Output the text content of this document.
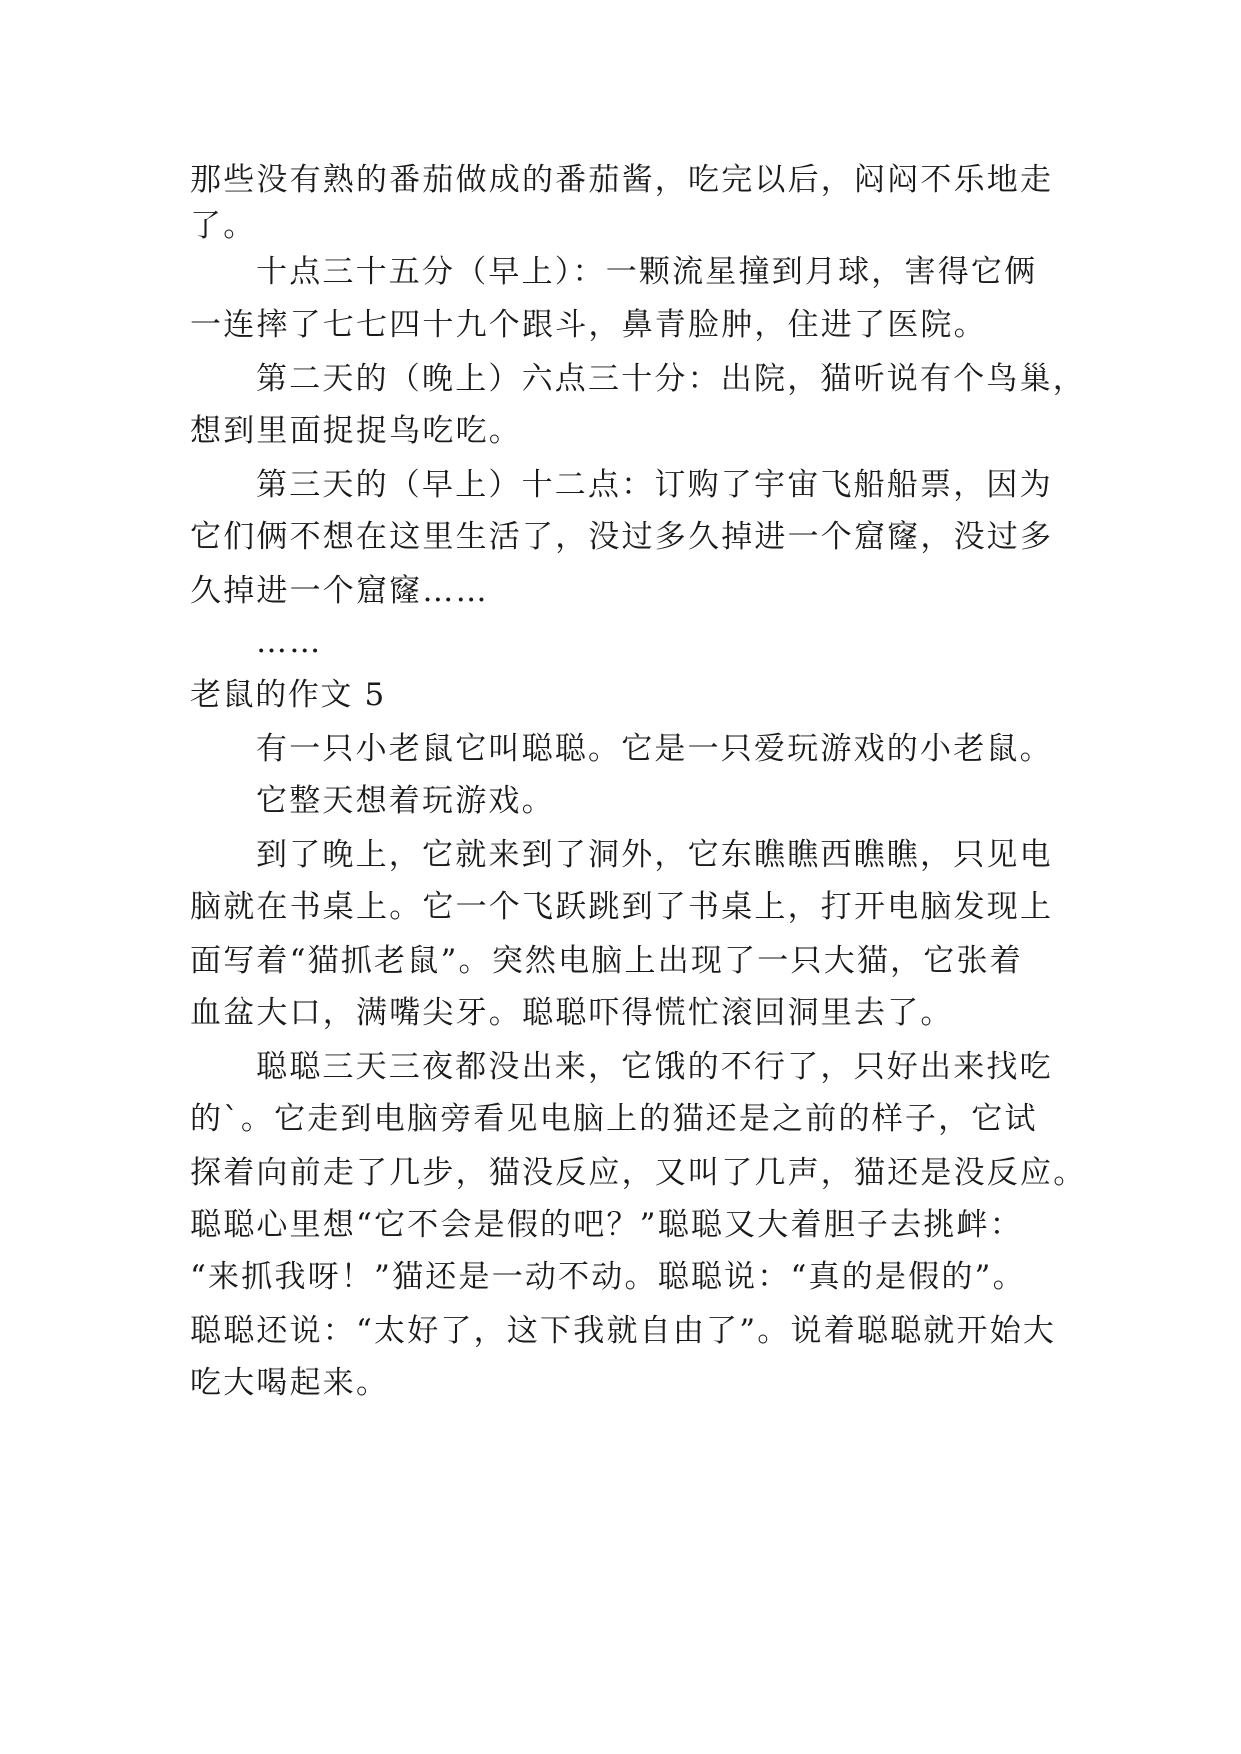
那些没有熟的番茄做成的番茄酱，吃完以后，闷闷不乐地走
了。
十点三十五分（早上）：一颗流星撞到月球，害得它俩
一连摔了七七四十九个跟斗，鼻青脸肿，住进了医院。
第二天的（晚上）六点三十分：出院，猫听说有个鸟巢，
想到里面捉捉鸟吃吃。
第三天的（早上）十二点：订购了宇宙飞船船票，因为
它们俩不想在这里生活了，没过多久掉进一个窟窿，没过多
久掉进一个窟窿……
……
老鼠的作文 5
有一只小老鼠它叫聪聪。它是一只爱玩游戏的小老鼠。
它整天想着玩游戏。
到了晚上，它就来到了洞外，它东瞧瞧西瞧瞧，只见电
脑就在书桌上。它一个飞跃跳到了书桌上，打开电脑发现上
面写着“猫抓老鼠”。突然电脑上出现了一只大猫，它张着
血盆大口，满嘴尖牙。聪聪吓得慌忙滚回洞里去了。
聪聪三天三夜都没出来，它饿的不行了，只好出来找吃
的`。它走到电脑旁看见电脑上的猫还是之前的样子，它试
探着向前走了几步，猫没反应，又叫了几声，猫还是没反应。
聪聪心里想“它不会是假的吧？”聪聪又大着胆子去挑衅：
“来抓我呀！”猫还是一动不动。聪聪说：“真的是假的”。
聪聪还说：“太好了，这下我就自由了”。说着聪聪就开始大
吃大喝起来。
